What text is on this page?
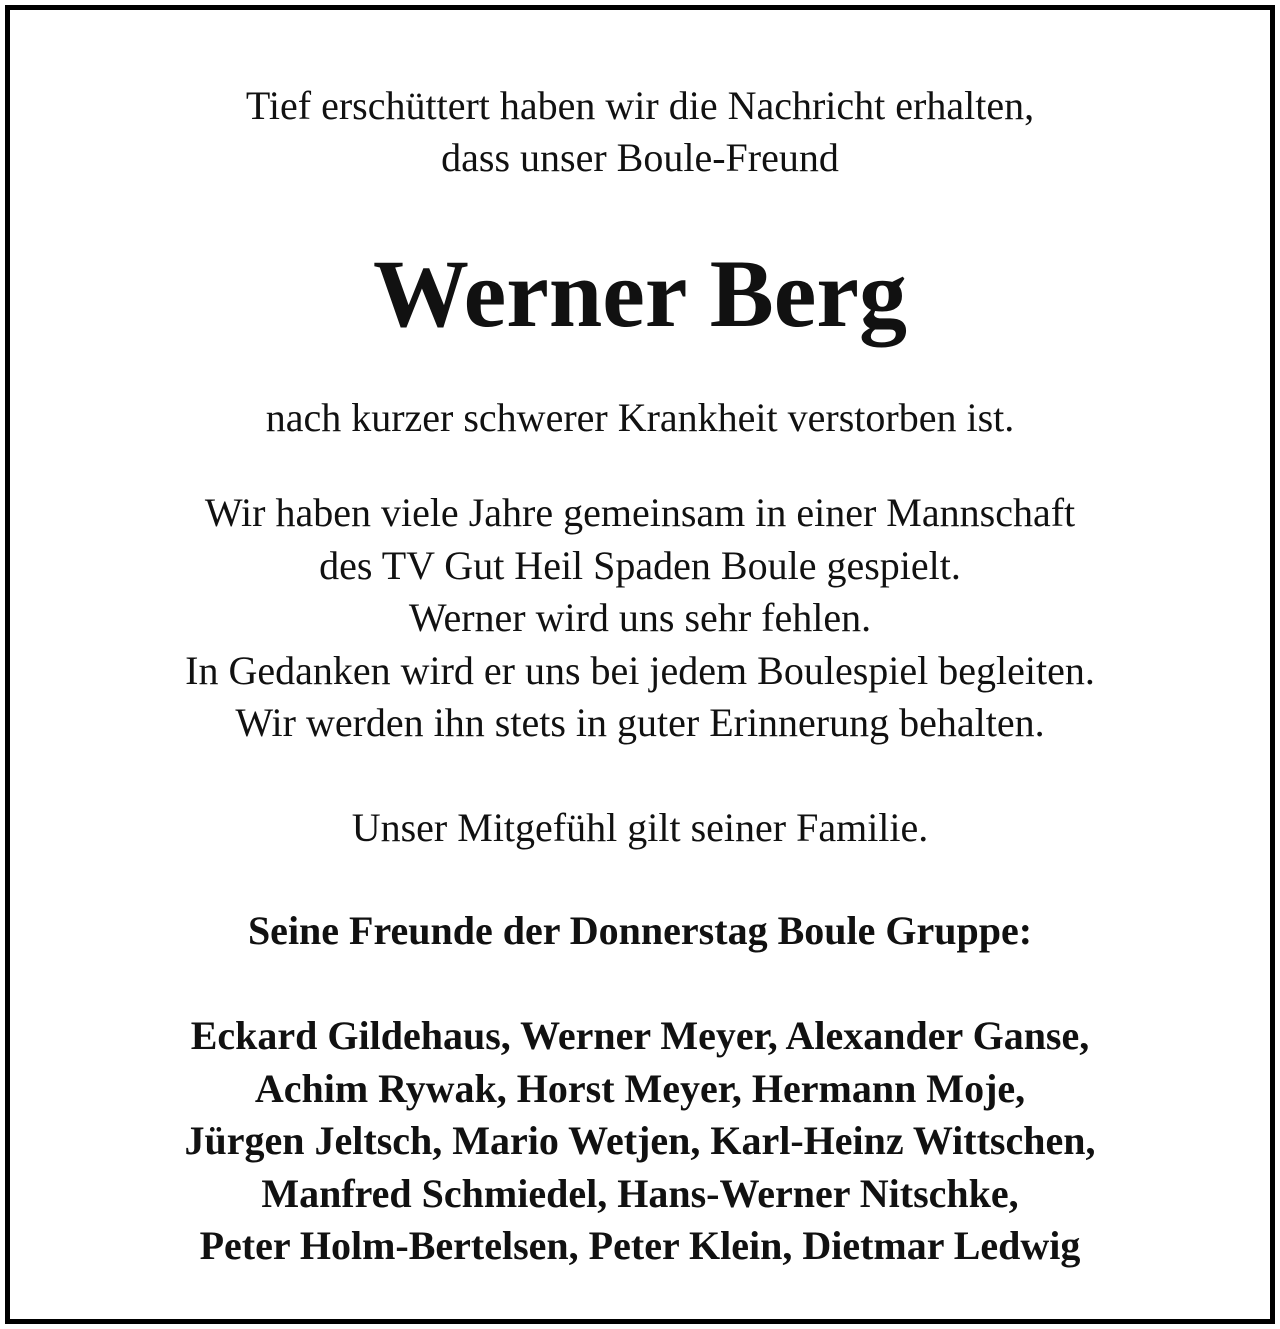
Tief erschüttert haben wir die Nachricht erhalten,
dass unser Boule-Freund
Werner Berg

nach kurzer schwerer Krankheit verstorben ist.

Wir haben viele Jahre gemeinsam in einer Mannschaft
des TV Gut Heil Spaden Boule gespielt.
Werner wird uns sehr fehlen.
In Gedanken wird er uns bei jedem Boulespiel begleiten.
Wir werden ihn stets in guter Erinnerung behalten.

Unser Mitgefühl gilt seiner Familie.

Seine Freunde der Donnerstag Boule Gruppe:
Eckard Gildehaus, Werner Meyer, Alexander Ganse,
Achim Rywak, Horst Meyer, Hermann Moje,
Jürgen Jeltsch, Mario Wetjen, Karl-Heinz Wittschen,
Manfred Schmiedel, Hans-Werner Nitschke,
Peter Holm-Bertelsen, Peter Klein, Dietmar Ledwig
